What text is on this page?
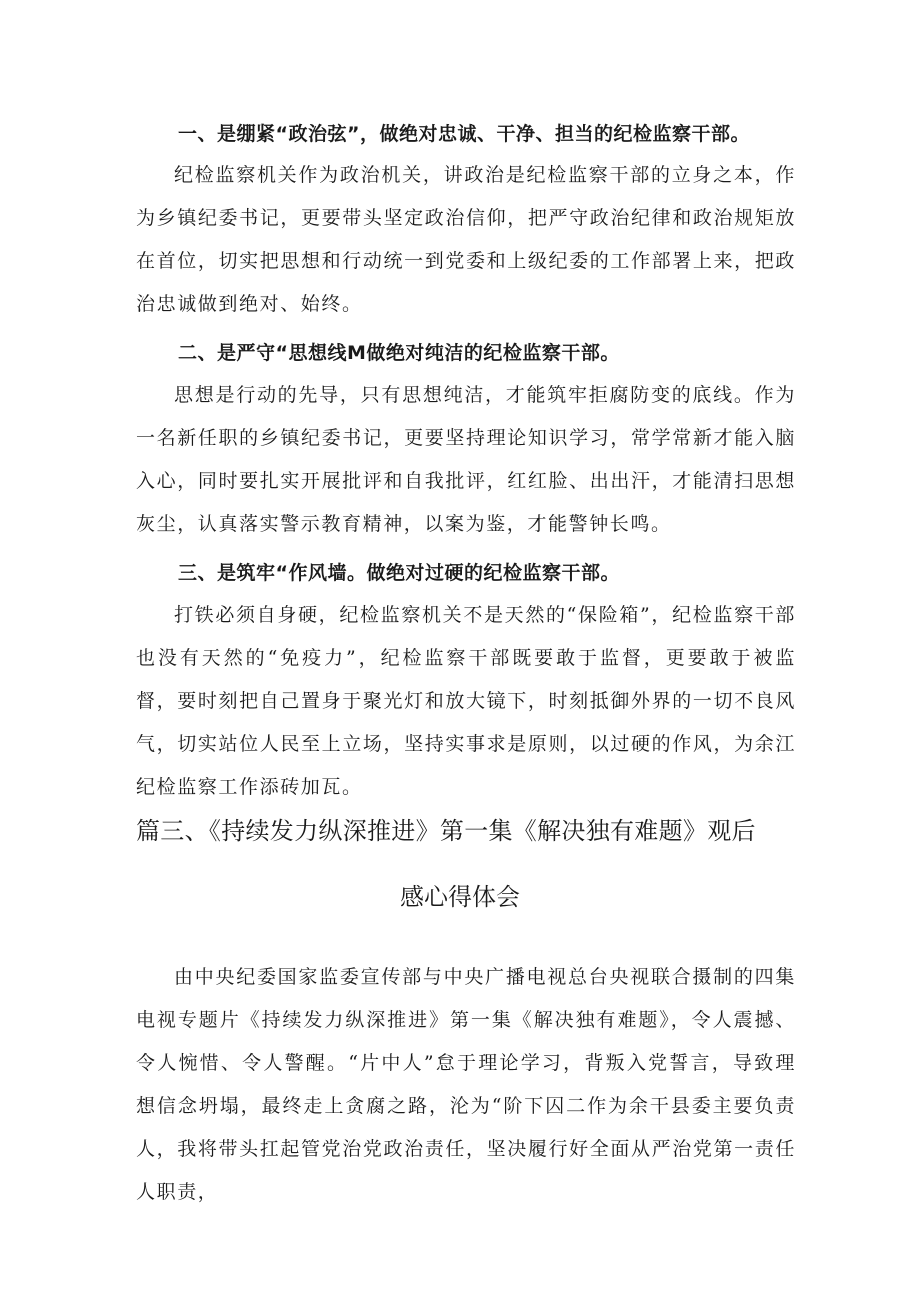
一、是绷紧“政治弦”，做绝对忠诚、干净、担当的纪检监察干部。

纪检监察机关作为政治机关，讲政治是纪检监察干部的立身之本，作为乡镇纪委书记，更要带头坚定政治信仰，把严守政治纪律和政治规矩放在首位，切实把思想和行动统一到党委和上级纪委的工作部署上来，把政治忠诚做到绝对、始终。

二、是严守“思想线M做绝对纯洁的纪检监察干部。

思想是行动的先导，只有思想纯洁，才能筑牢拒腐防变的底线。作为一名新任职的乡镇纪委书记，更要坚持理论知识学习，常学常新才能入脑入心，同时要扎实开展批评和自我批评，红红脸、出出汗，才能清扫思想灰尘，认真落实警示教育精神，以案为鉴，才能警钟长鸣。

三、是筑牢“作风墙。做绝对过硬的纪检监察干部。

打铁必须自身硬，纪检监察机关不是天然的“保险箱”，纪检监察干部也没有天然的“免疫力”，纪检监察干部既要敢于监督，更要敢于被监督，要时刻把自己置身于聚光灯和放大镜下，时刻抵御外界的一切不良风气，切实站位人民至上立场，坚持实事求是原则，以过硬的作风，为余江纪检监察工作添砖加瓦。

篇三、《持续发力纵深推进》第一集《解决独有难题》观后
感心得体会

由中央纪委国家监委宣传部与中央广播电视总台央视联合摄制的四集电视专题片《持续发力纵深推进》第一集《解决独有难题》，令人震撼、令人惋惜、令人警醒。“片中人”怠于理论学习，背叛入党誓言，导致理想信念坍塌，最终走上贪腐之路，沦为“阶下囚二作为余干县委主要负责人，我将带头扛起管党治党政治责任，坚决履行好全面从严治党第一责任人职责，
